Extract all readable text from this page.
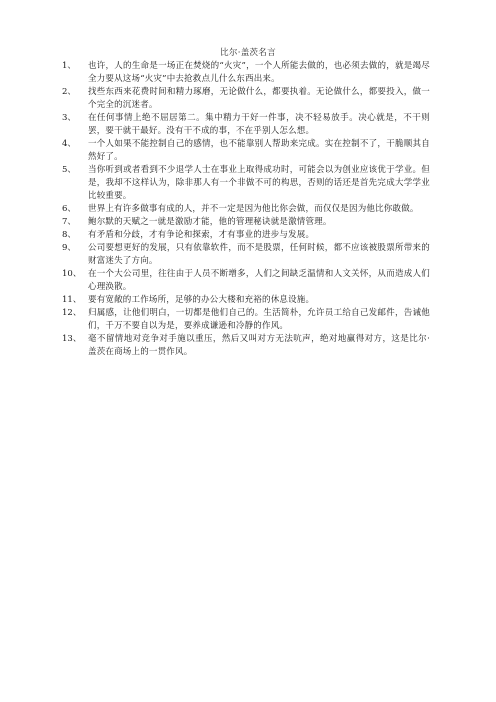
比尔·盖茨名言
1、	也许，人的生命是一场正在焚烧的“火灾”，一个人所能去做的，也必须去做的，就是竭尽全力要从这场“火灾”中去抢救点儿什么东西出来。
2、	找些东西来花费时间和精力琢磨，无论做什么，都要执着。无论做什么，都要投入，做一个完全的沉迷者。
3、	在任何事情上绝不屈居第二。集中精力干好一件事，决不轻易放手。决心就是，不干则罢，要干就干最好。没有干不成的事，不在乎别人怎么想。
4、	一个人如果不能控制自己的感情，也不能靠别人帮助来完成。实在控制不了，干脆顺其自然好了。
5、	当你听到或者看到不少退学人士在事业上取得成功时，可能会以为创业应该优于学业。但是，我却不这样认为，除非那人有一个非做不可的构思，否则的话还是首先完成大学学业比较重要。
6、	世界上有许多做事有成的人，并不一定是因为他比你会做，而仅仅是因为他比你敢做。
7、	鲍尔默的天赋之一就是激励才能，他的管理秘诀就是激情管理。
8、	有矛盾和分歧，才有争论和探索，才有事业的进步与发展。
9、	公司要想更好的发展，只有依靠软件，而不是股票，任何时候，都不应该被股票所带来的财富迷失了方向。
10、 在一个大公司里，往往由于人员不断增多，人们之间缺乏温情和人文关怀，从而造成人们心理涣散。
11、 要有宽敞的工作场所，足够的办公大楼和充裕的休息设施。
12、 归属感，让他们明白，一切都是他们自己的。生活简朴，允许员工给自己发邮件，告诫他们，千万不要自以为是，要养成谦逊和冷静的作风。
13、 毫不留情地对竞争对手施以重压，然后又叫对方无法吭声，绝对地赢得对方，这是比尔·盖茨在商场上的一贯作风。
